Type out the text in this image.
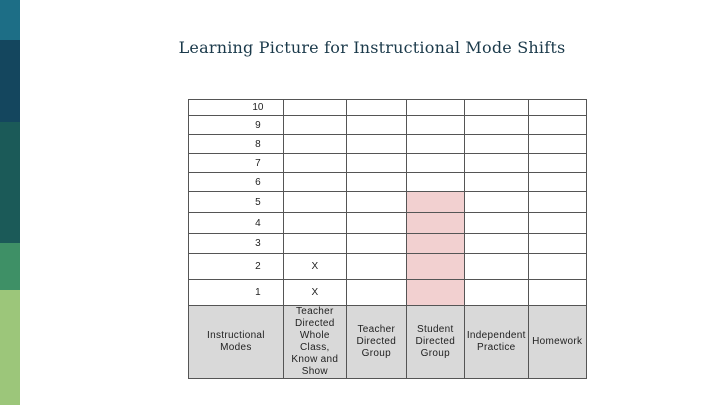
Learning Picture for Instructional Mode Shifts
10					
9					
8					
7					
6					
5					
4					
3					
2	X				
1	X				
Instructional Modes	Teacher Directed Whole Class, Know and Show	Teacher Directed Group	Student Directed Group	Independent Practice	Homework
